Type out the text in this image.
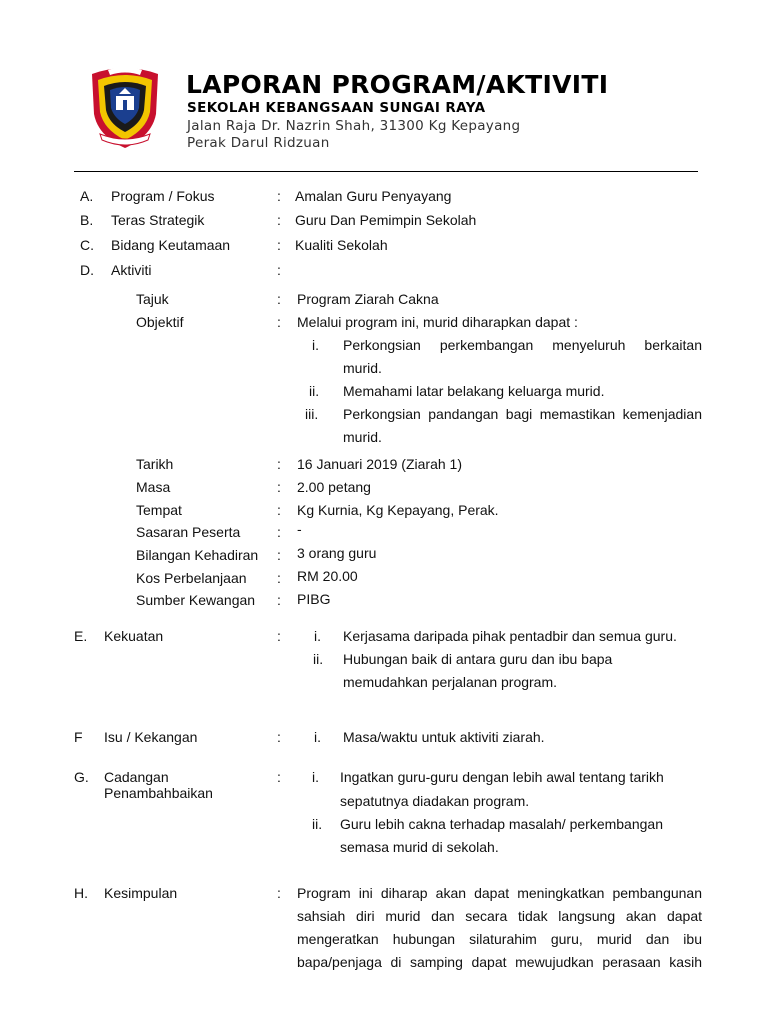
LAPORAN PROGRAM/AKTIVITI
SEKOLAH KEBANGSAAN SUNGAI RAYA
Jalan Raja Dr. Nazrin Shah, 31300 Kg Kepayang
Perak Darul Ridzuan
A. Program / Fokus	: Amalan Guru Penyayang
B. Teras Strategik	: Guru Dan Pemimpin Sekolah
C. Bidang Keutamaan	: Kualiti Sekolah
D. Aktiviti	:
Tajuk	: Program Ziarah Cakna
Objektif	: Melalui program ini, murid diharapkan dapat :
i. Perkongsian perkembangan menyeluruh berkaitan
murid.
ii. Memahami latar belakang keluarga murid.
iii. Perkongsian pandangan bagi memastikan kemenjadian
murid.
Tarikh	: 16 Januari 2019 (Ziarah 1)
Masa	: 2.00 petang
Tempat	: Kg Kurnia, Kg Kepayang, Perak.
Sasaran Peserta	: -
Bilangan Kehadiran : 3 orang guru
Kos Perbelanjaan : RM 20.00
Sumber Kewangan : PIBG
E. Kekuatan	: i. Kerjasama daripada pihak pentadbir dan semua guru.
ii. Hubungan baik di antara guru dan ibu bapa
memudahkan perjalanan program.
F Isu / Kekangan	: i. Masa/waktu untuk aktiviti ziarah.
G. Cadangan
Penambahbaikan
: i. Ingatkan guru-guru dengan lebih awal tentang tarikh
sepatutnya diadakan program.
ii. Guru lebih cakna terhadap masalah/ perkembangan
semasa murid di sekolah.
H. Kesimpulan	: Program ini diharap akan dapat meningkatkan pembangunan
sahsiah diri murid dan secara tidak langsung akan dapat
mengeratkan hubungan silaturahim guru, murid dan ibu
bapa/penjaga di samping dapat mewujudkan perasaan kasih
